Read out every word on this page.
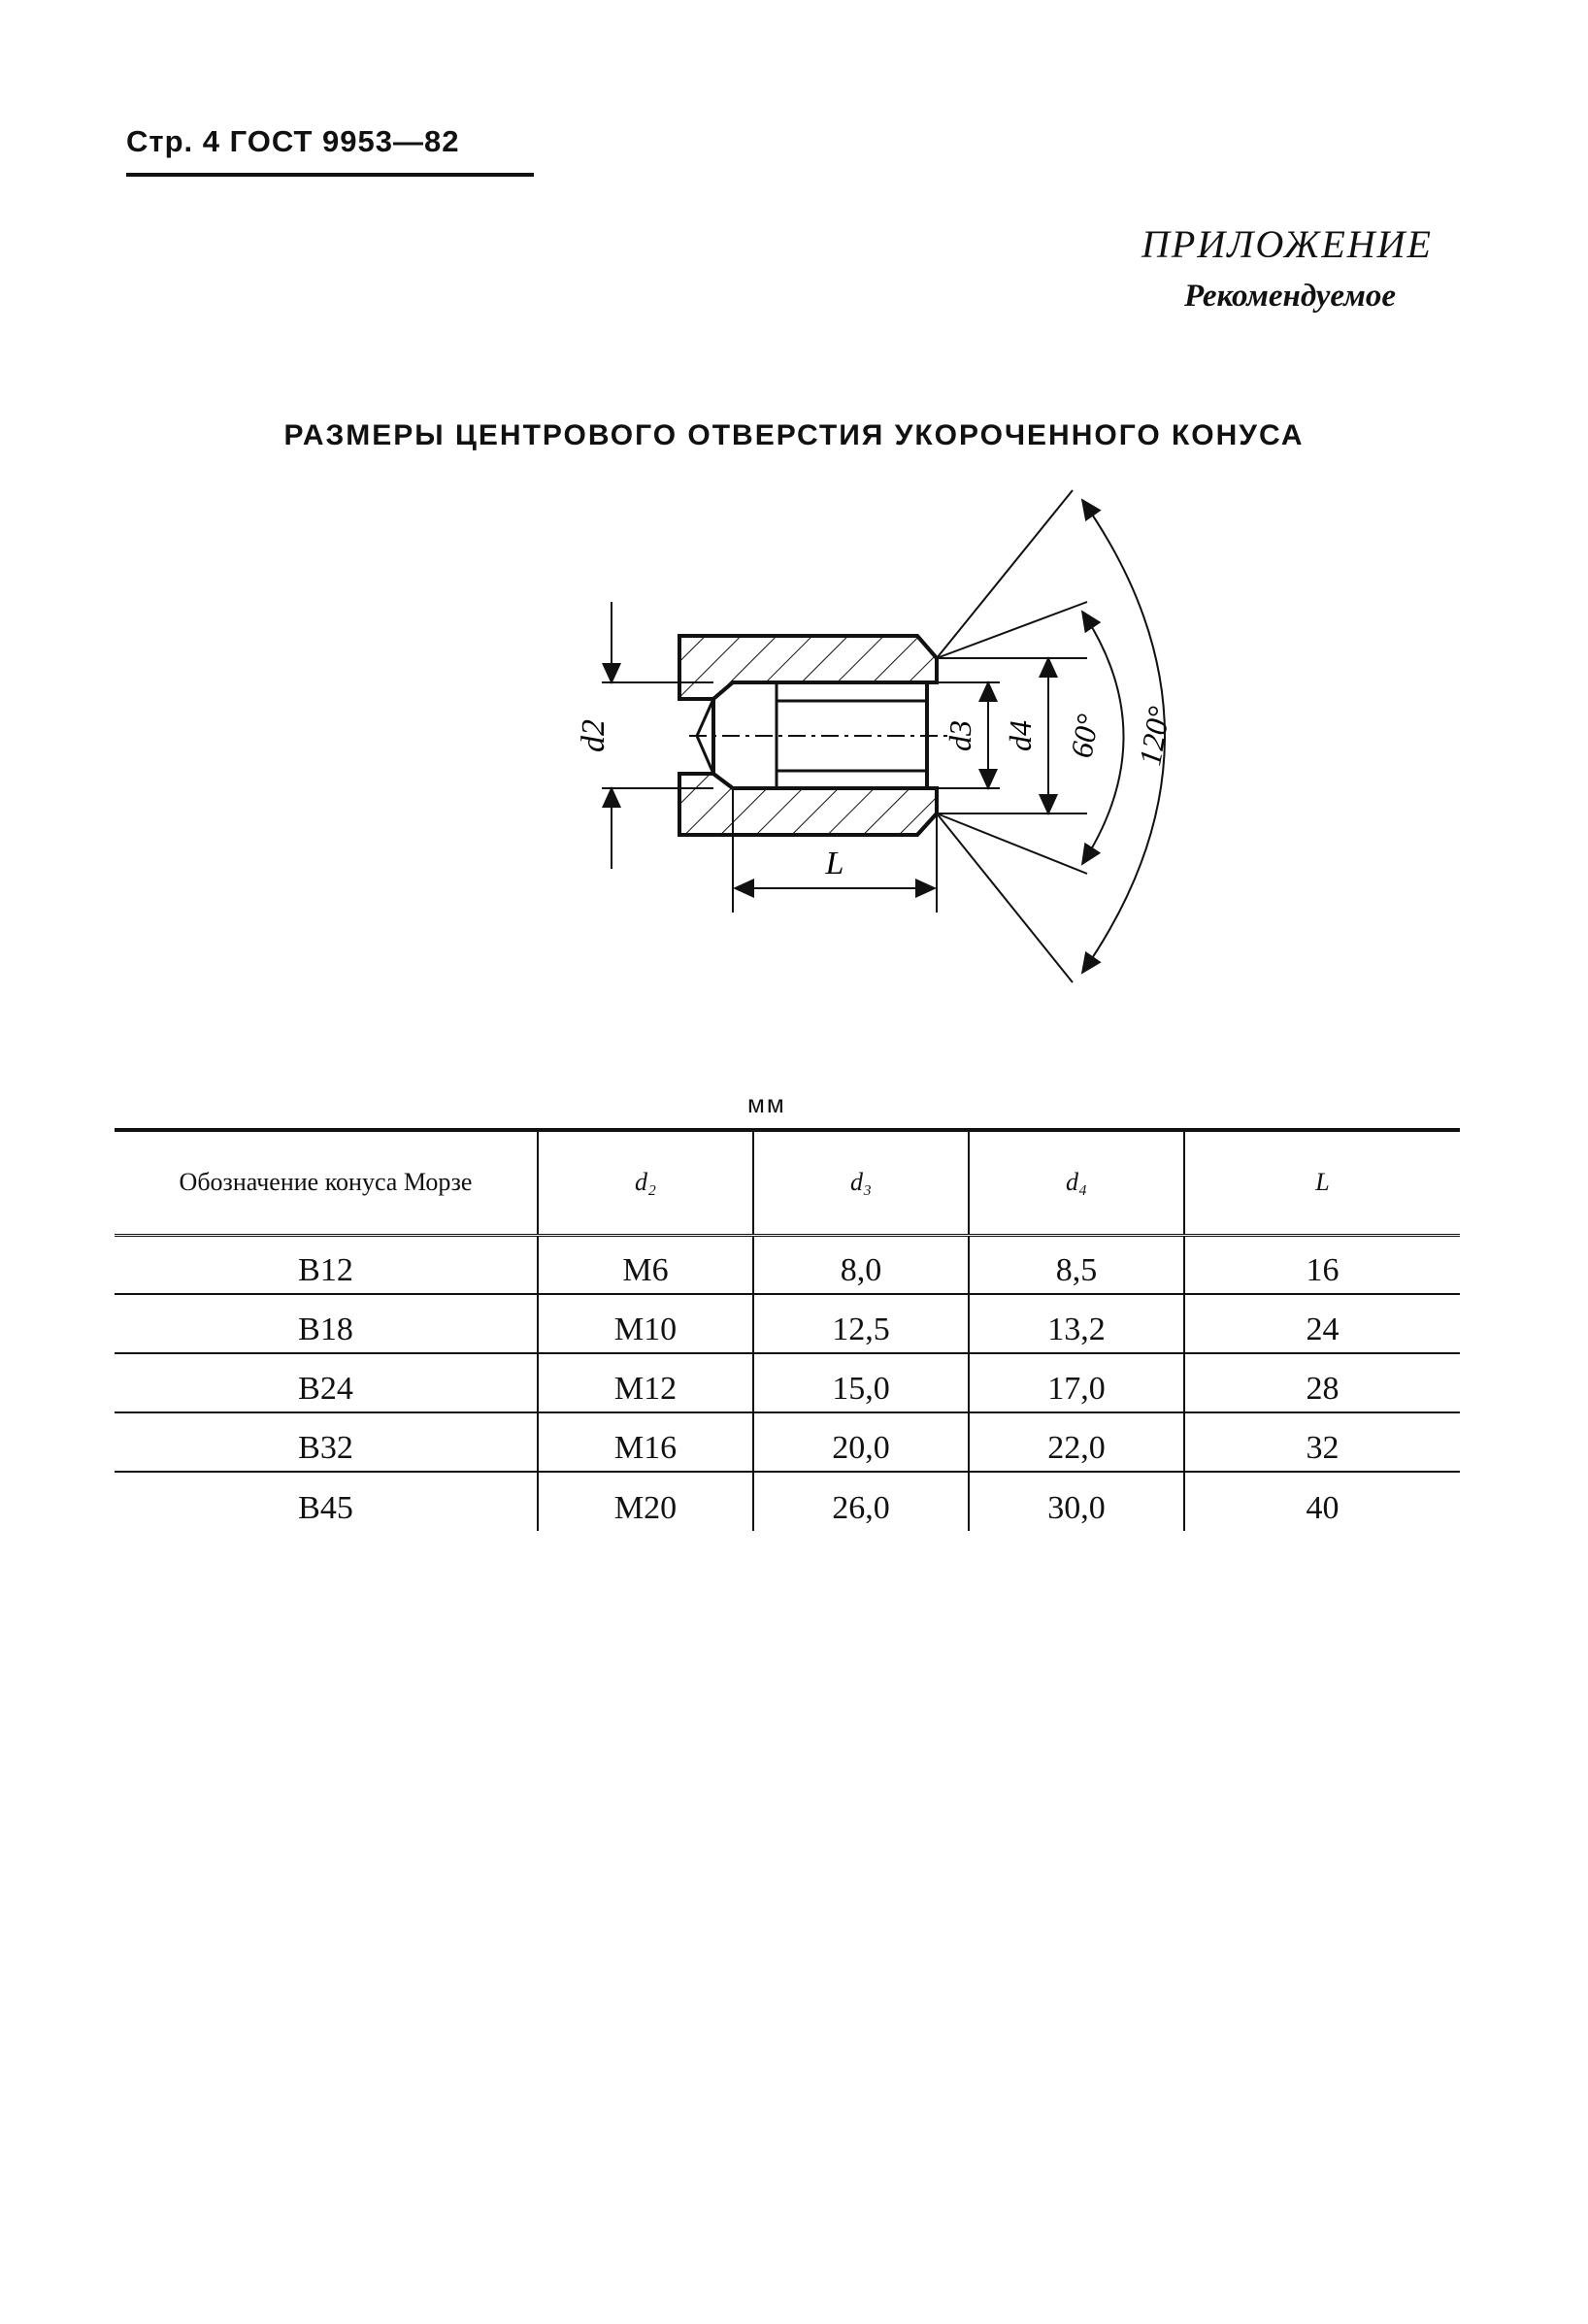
Стр. 4 ГОСТ 9953—82
ПРИЛОЖЕНИЕ
Рекомендуемое
РАЗМЕРЫ ЦЕНТРОВОГО ОТВЕРСТИЯ УКОРОЧЕННОГО КОНУСА
d2	d3 d4
L
60° 120°
мм
Обозначение конуса Морзе	d₂	d₃	d₄	L
B12	M6	8,0	8,5	16
B18	M10	12,5	13,2	24
B24	M12	15,0	17,0	28
B32	M16	20,0	22,0	32
B45	M20	26,0	30,0	40
